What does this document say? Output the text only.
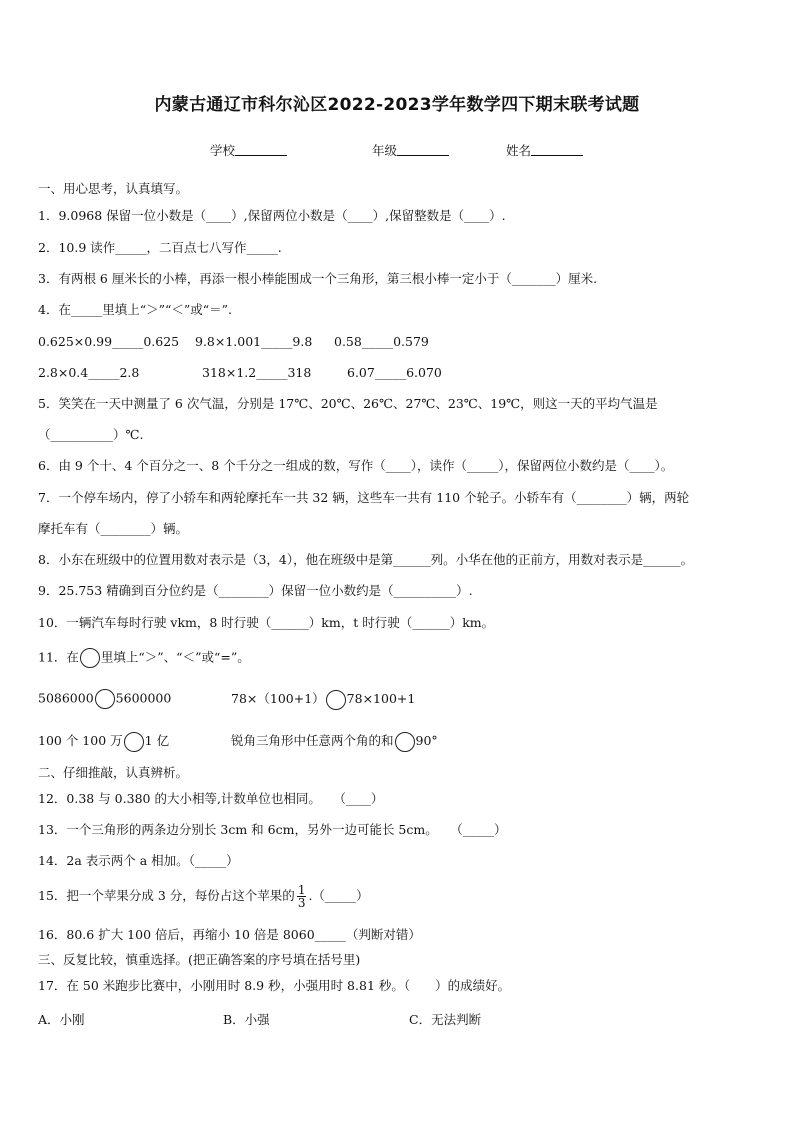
内蒙古通辽市科尔沁区2022-2023学年数学四下期末联考试题
学校	年级	姓名
一、用心思考，认真填写。
1．9.0968 保留一位小数是（____）,保留两位小数是（____）,保留整数是（____）.
2．10.9 读作_____，二百点七八写作_____.
3．有两根 6 厘米长的小棒，再添一根小棒能围成一个三角形，第三根小棒一定小于（_______）厘米.
4．在_____里填上“＞”“＜”或“＝”.
0.625×0.99_____0.625 9.8×1.001_____9.8 0.58_____0.579
2.8×0.4_____2.8	318×1.2_____318	6.07_____6.070
5．笑笑在一天中测量了 6 次气温，分别是 17℃、20℃、26℃、27℃、23℃、19℃，则这一天的平均气温是
（__________）℃.
6．由 9 个十、4 个百分之一、8 个千分之一组成的数，写作（____），读作（_____），保留两位小数约是（____）。
7．一个停车场内，停了小轿车和两轮摩托车一共 32 辆，这些车一共有 110 个轮子。小轿车有（________）辆，两轮
摩托车有（________）辆。
8．小东在班级中的位置用数对表示是（3，4），他在班级中是第______列。小华在他的正前方，用数对表示是______。
9．25.753 精确到百分位约是（________）保留一位小数约是（__________）.
10．一辆汽车每时行驶 vkm，8 时行驶（______）km，t 时行驶（______）km。
11．在 里填上“＞”、“＜”或“=”。
5086000 5600000	78×（100+1） 78×100+1
100 个 100 万 1 亿	锐角三角形中任意两个角的和 90°
二、仔细推敲，认真辨析。
12．0.38 与 0.380 的大小相等,计数单位也相同。　　（____）
13．一个三角形的两条边分别长 3cm 和 6cm，另外一边可能长 5cm。　　（_____）
14．2a 表示两个 a 相加。（_____）
15．把一个苹果分成 3 分，每份占这个苹果的 $\frac{1}{3}$ .（_____）
16．80.6 扩大 100 倍后，再缩小 10 倍是 8060_____（判断对错）
三、反复比较，慎重选择。(把正确答案的序号填在括号里)
17．在 50 米跑步比赛中，小刚用时 8.9 秒，小强用时 8.81 秒。（　　）的成绩好。
A．小刚	B．小强	C．无法判断
